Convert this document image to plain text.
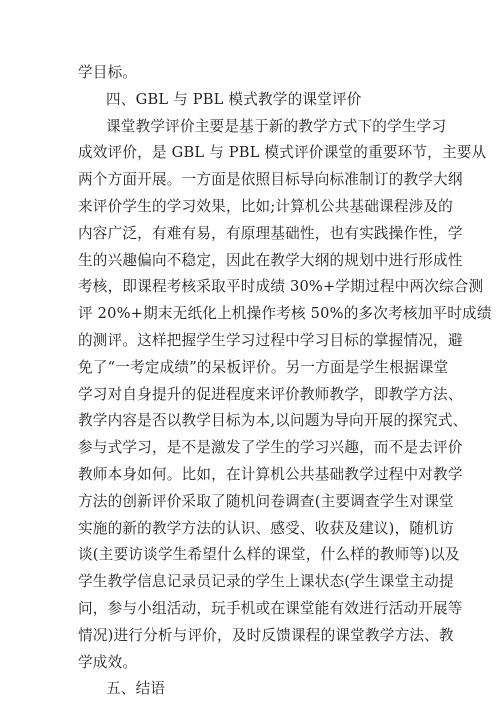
学目标。
四、GBL 与 PBL 模式教学的课堂评价
课堂教学评价主要是基于新的教学方式下的学生学习
成效评价，是 GBL 与 PBL 模式评价课堂的重要环节，主要从
两个方面开展。一方面是依照目标导向标准制订的教学大纲
来评价学生的学习效果，比如;计算机公共基础课程涉及的
内容广泛，有难有易，有原理基础性，也有实践操作性，学
生的兴趣偏向不稳定，因此在教学大纲的规划中进行形成性
考核，即课程考核采取平时成绩 30%+学期过程中两次综合测
评 20%+期末无纸化上机操作考核 50%的多次考核加平时成绩
的测评。这样把握学生学习过程中学习目标的掌握情况，避
免了“一考定成绩”的呆板评价。另一方面是学生根据课堂
学习对自身提升的促进程度来评价教师教学，即教学方法、
教学内容是否以教学目标为本,以问题为导向开展的探究式、
参与式学习，是不是激发了学生的学习兴趣，而不是去评价
教师本身如何。比如，在计算机公共基础教学过程中对教学
方法的创新评价采取了随机问卷调查(主要调查学生对课堂
实施的新的教学方法的认识、感受、收获及建议)，随机访
谈(主要访谈学生希望什么样的课堂，什么样的教师等)以及
学生教学信息记录员记录的学生上课状态(学生课堂主动提
问，参与小组活动，玩手机或在课堂能有效进行活动开展等
情况)进行分析与评价，及时反馈课程的课堂教学方法、教
学成效。
五、结语
